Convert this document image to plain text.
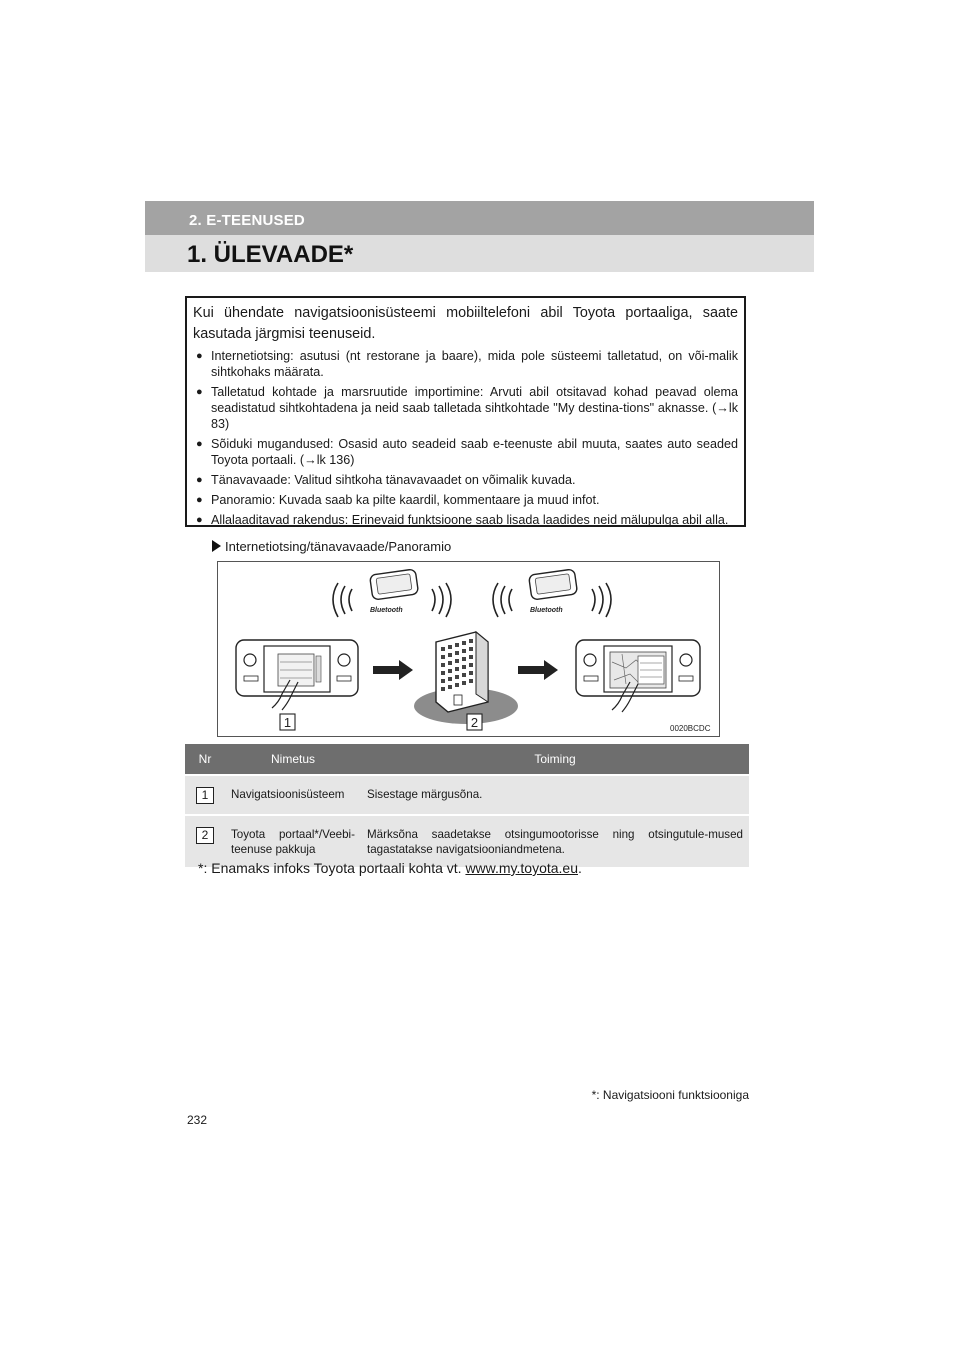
2. E-TEENUSED
1. ÜLEVAADE*
Kui ühendate navigatsioonisüsteemi mobiiltelefoni abil Toyota portaaliga, saate kasutada järgmisi teenuseid.
● Internetiotsing: asutusi (nt restorane ja baare), mida pole süsteemi talletatud, on või-malik sihtkohaks määrata.
● Talletatud kohtade ja marsruutide importimine: Arvuti abil otsitavad kohad peavad olema seadistatud sihtkohtadena ja neid saab talletada sihtkohtade "My destina-tions" aknasse. (→lk 83)
● Sõiduki mugandused: Osasid auto seadeid saab e-teenuste abil muuta, saates auto seaded Toyota portaali. (→lk 136)
● Tänavavaade: Valitud sihtkoha tänavavaadet on võimalik kuvada.
● Panoramio: Kuvada saab ka pilte kaardil, kommentaare ja muud infot.
● Allalaaditavad rakendus: Erinevaid funktsioone saab lisada laadides neid mälupulga abil alla.
Internetiotsing/tänavavaade/Panoramio
Bluetooth	Bluetooth
1	2	0020BCDC
Nr	Nimetus	Toiming
1	Navigatsioonisüsteem	Sisestage märgusõna.
2	Toyota portaal*/Veebi-teenuse pakkuja	Märksõna saadetakse otsingumootorisse ning otsingutule-mused tagastatakse navigatsiooniandmetena.
*: Enamaks infoks Toyota portaali kohta vt. www.my.toyota.eu.
*: Navigatsiooni funktsiooniga
232
